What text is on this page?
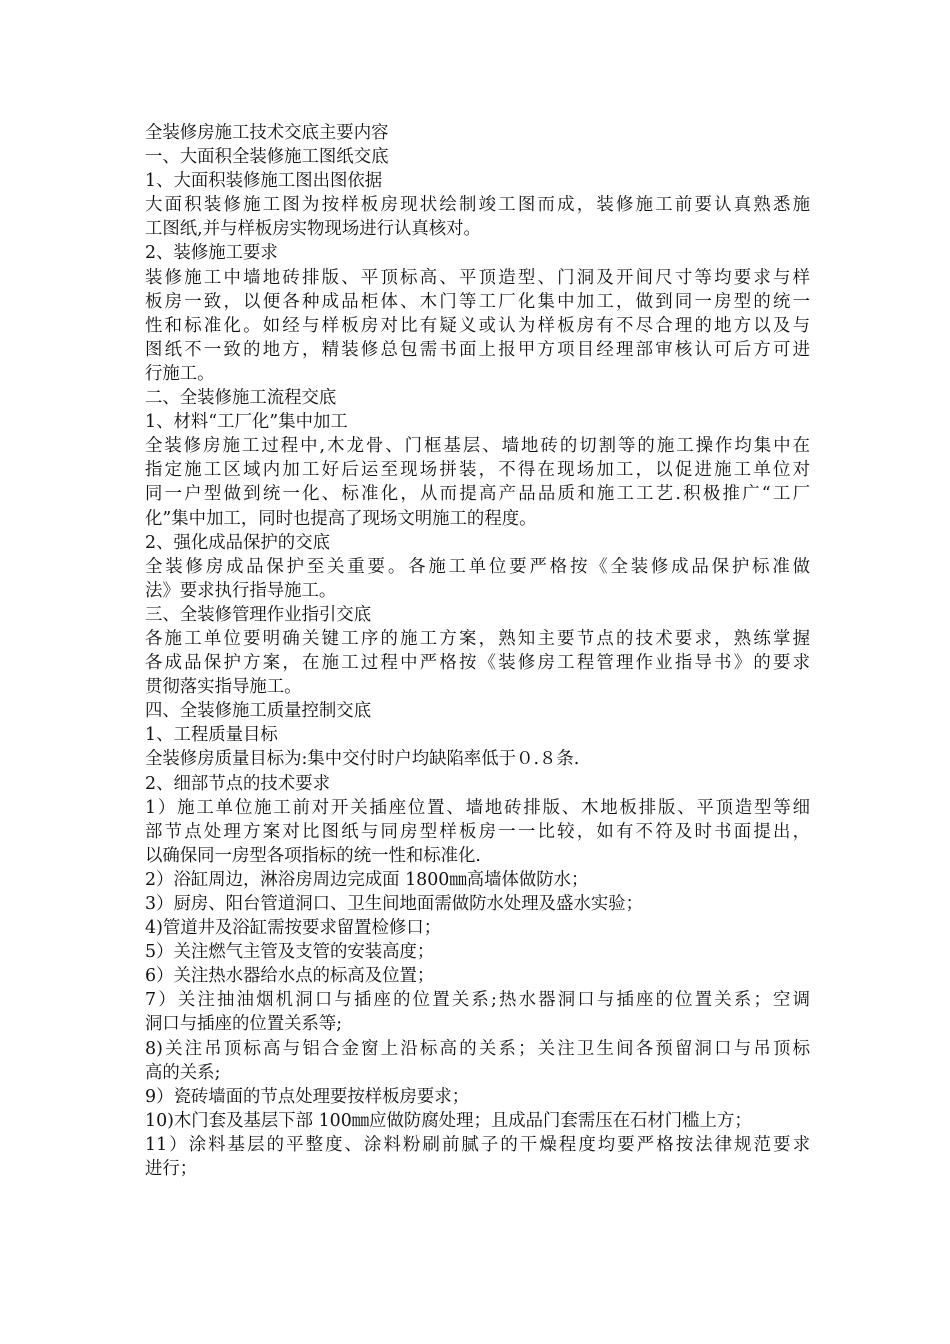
全装修房施工技术交底主要内容

一、大面积全装修施工图纸交底

1、大面积装修施工图出图依据

大面积装修施工图为按样板房现状绘制竣工图而成，装修施工前要认真熟悉施

工图纸,并与样板房实物现场进行认真核对。

2、装修施工要求

装修施工中墙地砖排版、平顶标高、平顶造型、门洞及开间尺寸等均要求与样

板房一致，以便各种成品柜体、木门等工厂化集中加工，做到同一房型的统一

性和标准化。如经与样板房对比有疑义或认为样板房有不尽合理的地方以及与

图纸不一致的地方，精装修总包需书面上报甲方项目经理部审核认可后方可进

行施工。

二、全装修施工流程交底

1、材料“工厂化”集中加工

全装修房施工过程中,木龙骨、门框基层、墙地砖的切割等的施工操作均集中在

指定施工区域内加工好后运至现场拼装，不得在现场加工，以促进施工单位对

同一户型做到统一化、标准化，从而提高产品品质和施工工艺.积极推广“工厂

化”集中加工，同时也提高了现场文明施工的程度。

2、强化成品保护的交底

全装修房成品保护至关重要。各施工单位要严格按《全装修成品保护标准做

法》要求执行指导施工。

三、全装修管理作业指引交底

各施工单位要明确关键工序的施工方案，熟知主要节点的技术要求，熟练掌握

各成品保护方案，在施工过程中严格按《装修房工程管理作业指导书》的要求

贯彻落实指导施工。

四、全装修施工质量控制交底

1、工程质量目标

全装修房质量目标为:集中交付时户均缺陷率低于０.８条.

2、细部节点的技术要求

1）施工单位施工前对开关插座位置、墙地砖排版、木地板排版、平顶造型等细

部节点处理方案对比图纸与同房型样板房一一比较，如有不符及时书面提出，

以确保同一房型各项指标的统一性和标准化.

2）浴缸周边，淋浴房周边完成面 1800㎜高墙体做防水；

3）厨房、阳台管道洞口、卫生间地面需做防水处理及盛水实验；

4)管道井及浴缸需按要求留置检修口；

5）关注燃气主管及支管的安装高度；

6）关注热水器给水点的标高及位置；

7）关注抽油烟机洞口与插座的位置关系;热水器洞口与插座的位置关系；空调

洞口与插座的位置关系等;

8)关注吊顶标高与铝合金窗上沿标高的关系；关注卫生间各预留洞口与吊顶标

高的关系;

9）瓷砖墙面的节点处理要按样板房要求；

10)木门套及基层下部 100㎜应做防腐处理；且成品门套需压在石材门槛上方；

11）涂料基层的平整度、涂料粉刷前腻子的干燥程度均要严格按法律规范要求

进行；
